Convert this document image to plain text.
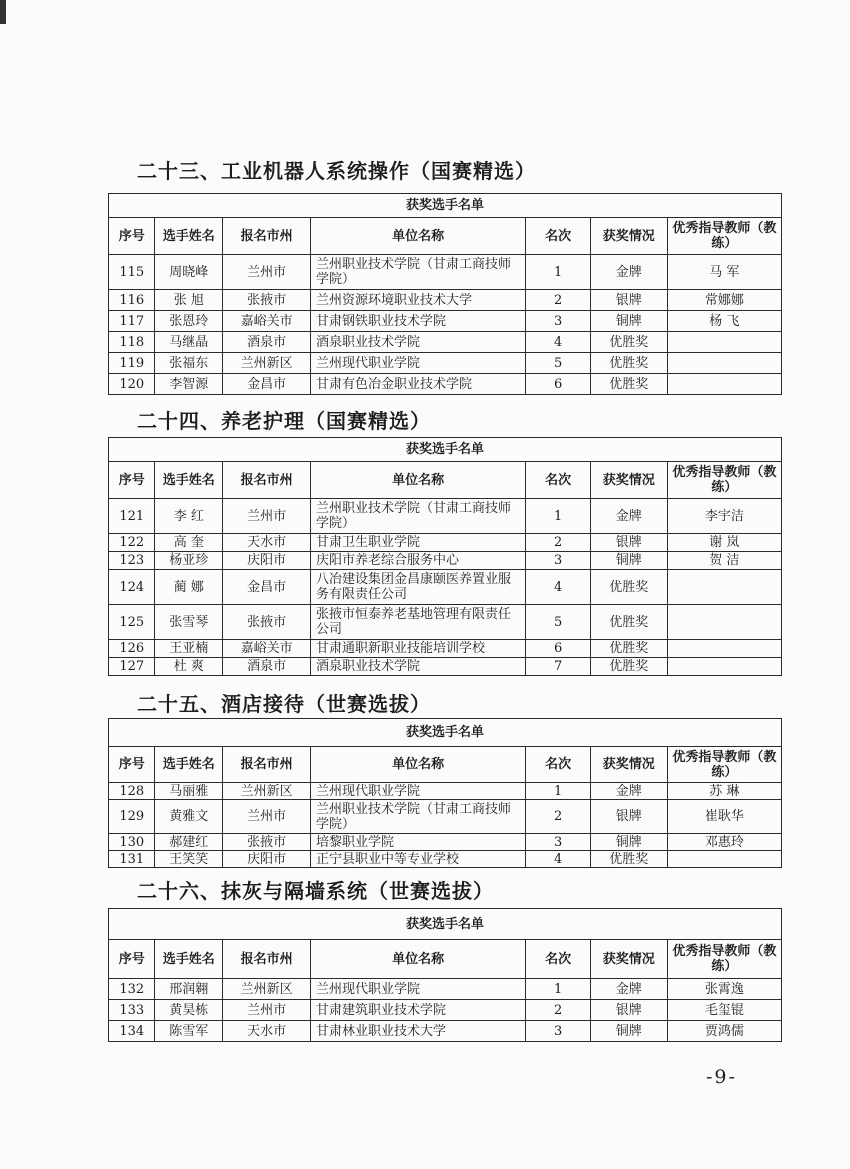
二十三、工业机器人系统操作（国赛精选）
获奖选手名单						
序号	选手姓名	报名市州	单位名称	名次	获奖情况	优秀指导教师（教练）
115	周晓峰	兰州市	兰州职业技术学院（甘肃工商技师学院）	1	金牌	马 军
116	张 旭	张掖市	兰州资源环境职业技术大学	2	银牌	常娜娜
117	张恩玲	嘉峪关市	甘肃钢铁职业技术学院	3	铜牌	杨 飞
118	马继晶	酒泉市	酒泉职业技术学院	4	优胜奖	
119	张福东	兰州新区	兰州现代职业学院	5	优胜奖	
120	李智源	金昌市	甘肃有色冶金职业技术学院	6	优胜奖	
二十四、养老护理（国赛精选）
获奖选手名单						
序号	选手姓名	报名市州	单位名称	名次	获奖情况	优秀指导教师（教练）
121	李 红	兰州市	兰州职业技术学院（甘肃工商技师学院）	1	金牌	李宇洁
122	高 奎	天水市	甘肃卫生职业学院	2	银牌	谢 岚
123	杨亚珍	庆阳市	庆阳市养老综合服务中心	3	铜牌	贺 洁
124	蔺 娜	金昌市	八冶建设集团金昌康颐医养置业服务有限责任公司	4	优胜奖	
125	张雪琴	张掖市	张掖市恒泰养老基地管理有限责任公司	5	优胜奖	
126	王亚楠	嘉峪关市	甘肃通职新职业技能培训学校	6	优胜奖	
127	杜 爽	酒泉市	酒泉职业技术学院	7	优胜奖	
二十五、酒店接待（世赛选拔）
获奖选手名单						
序号	选手姓名	报名市州	单位名称	名次	获奖情况	优秀指导教师（教练）
128	马丽雅	兰州新区	兰州现代职业学院	1	金牌	苏 琳
129	黄雅文	兰州市	兰州职业技术学院（甘肃工商技师学院）	2	银牌	崔耿华
130	郝建红	张掖市	培黎职业学院	3	铜牌	邓惠玲
131	王笑笑	庆阳市	正宁县职业中等专业学校	4	优胜奖	
二十六、抹灰与隔墙系统（世赛选拔）
获奖选手名单						
序号	选手姓名	报名市州	单位名称	名次	获奖情况	优秀指导教师（教练）
132	邢润翱	兰州新区	兰州现代职业学院	1	金牌	张霄逸
133	黄昊栋	兰州市	甘肃建筑职业技术学院	2	银牌	毛玺锟
134	陈雪军	天水市	甘肃林业职业技术大学	3	铜牌	贾鸿儒
-9-
